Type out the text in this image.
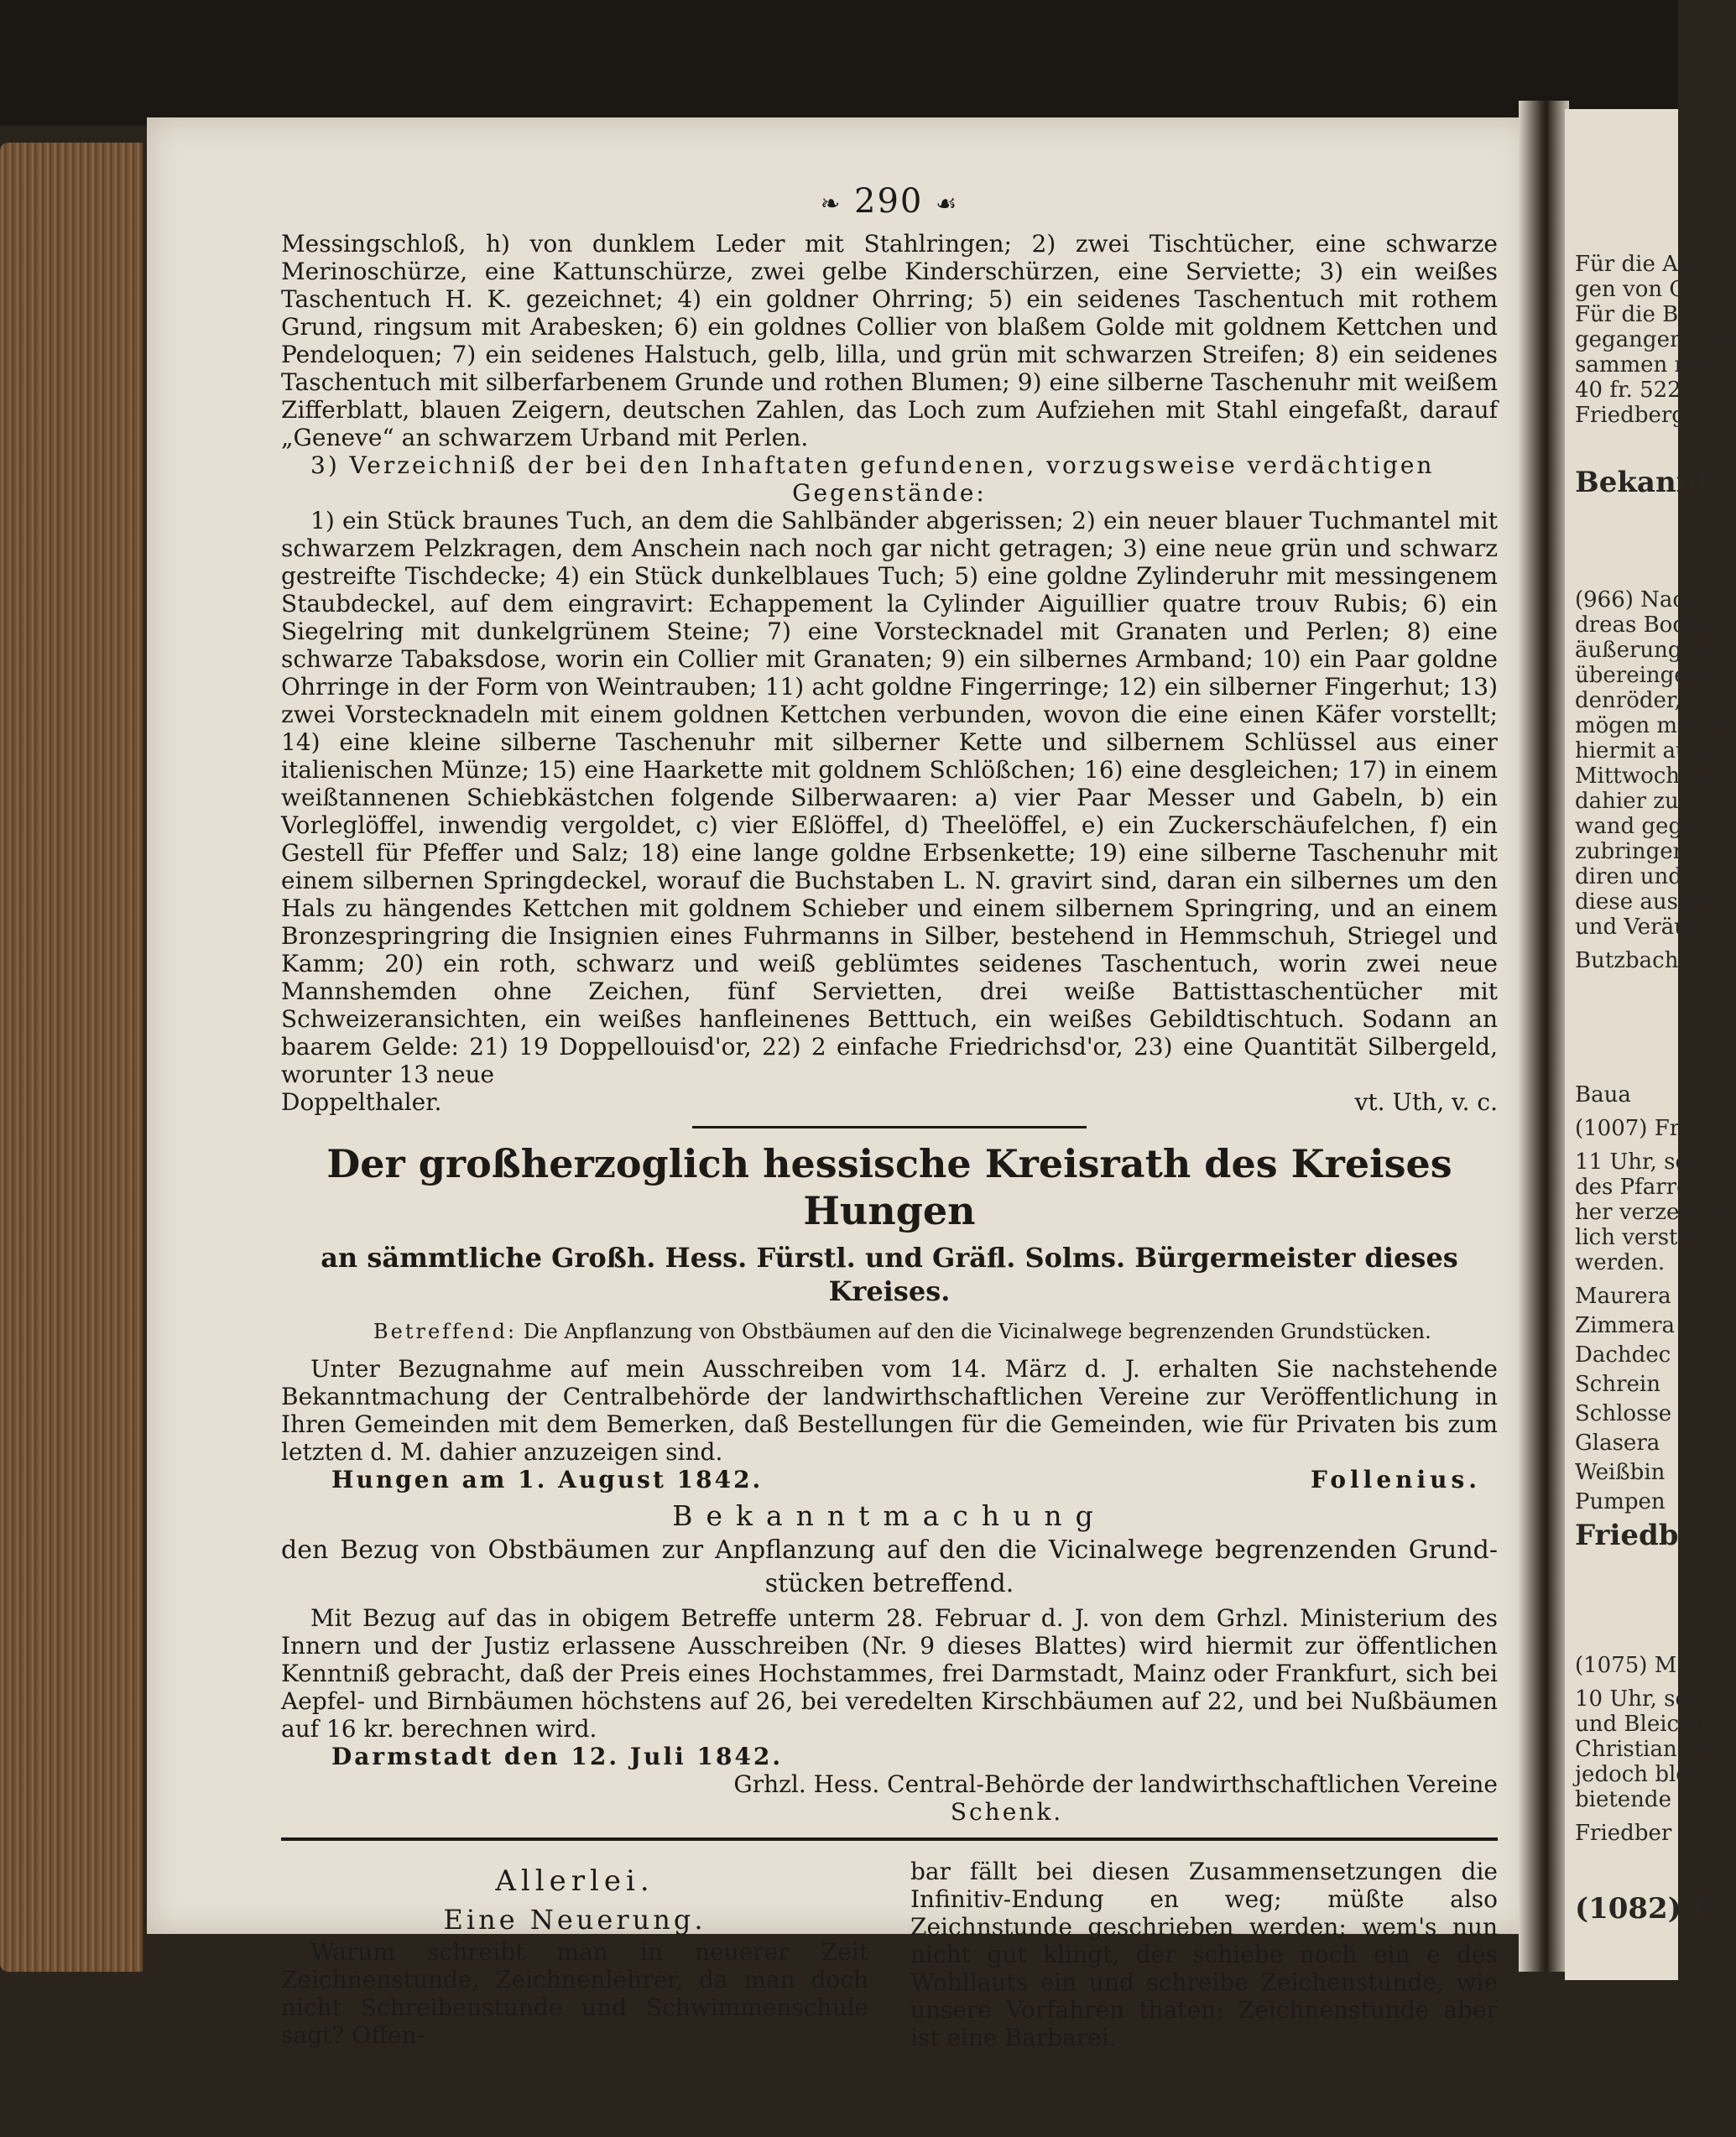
Für die Abg
gen von G. H
Für die Br
gegangen: aus
sammen mit
40 fr. 522 fl.
Friedberg
Bekannt
(966) Nach
dreas Boden
äußerung un
übereingekom
denröder, al
mögen mache
hiermit aufg
Mittwoch de
dahier zu er
wand gegen
zubringen, di
diren und
diese ausges
und Veräuß
Butzbach
Baua
(1007) Fr
11 Uhr, soll
des Pfarrgeb
her verzeichn
lich versteigt
werden.
Maurera
Zimmera
Dachdec
Schrein
Schlosse
Glasera
Weißbin
Pumpen
Friedb
(1075) M
10 Uhr, sol
und Bleichu
Christian Ha
jedoch blos
bietende vers
Friedber
(1082) F
❧ 290 ☙

Messingschloß, h) von dunklem Leder mit Stahlringen; 2) zwei Tischtücher, eine schwarze Merinoschürze, eine Kattunschürze, zwei gelbe Kinderschürzen, eine Serviette; 3) ein weißes Taschentuch H. K. gezeichnet; 4) ein goldner Ohrring; 5) ein seidenes Taschentuch mit rothem Grund, ringsum mit Arabesken; 6) ein goldnes Collier von blaßem Golde mit goldnem Kettchen und Pendeloquen; 7) ein seidenes Halstuch, gelb, lilla, und grün mit schwarzen Streifen; 8) ein seidenes Taschentuch mit silberfarbenem Grunde und rothen Blumen; 9) eine silberne Taschenuhr mit weißem Zifferblatt, blauen Zeigern, deutschen Zahlen, das Loch zum Aufziehen mit Stahl eingefaßt, darauf „Geneve“ an schwarzem Urband mit Perlen.

3) Verzeichniß der bei den Inhaftaten gefundenen, vorzugsweise verdächtigen

Gegenstände:

1) ein Stück braunes Tuch, an dem die Sahlbänder abgerissen; 2) ein neuer blauer Tuchmantel mit schwarzem Pelzkragen, dem Anschein nach noch gar nicht getragen; 3) eine neue grün und schwarz gestreifte Tischdecke; 4) ein Stück dunkelblaues Tuch; 5) eine goldne Zylinderuhr mit messingenem Staubdeckel, auf dem eingravirt: Echappement la Cylinder Aiguillier quatre trouv Rubis; 6) ein Siegelring mit dunkelgrünem Steine; 7) eine Vorstecknadel mit Granaten und Perlen; 8) eine schwarze Tabaksdose, worin ein Collier mit Granaten; 9) ein silbernes Armband; 10) ein Paar goldne Ohrringe in der Form von Weintrauben; 11) acht goldne Fingerringe; 12) ein silberner Fingerhut; 13) zwei Vorstecknadeln mit einem goldnen Kettchen verbunden, wovon die eine einen Käfer vorstellt; 14) eine kleine silberne Taschenuhr mit silberner Kette und silbernem Schlüssel aus einer italienischen Münze; 15) eine Haarkette mit goldnem Schlößchen; 16) eine desgleichen; 17) in einem weißtannenen Schiebkästchen folgende Silberwaaren: a) vier Paar Messer und Gabeln, b) ein Vorleglöffel, inwendig vergoldet, c) vier Eßlöffel, d) Theelöffel, e) ein Zuckerschäufelchen, f) ein Gestell für Pfeffer und Salz; 18) eine lange goldne Erbsenkette; 19) eine silberne Taschenuhr mit einem silbernen Springdeckel, worauf die Buchstaben L. N. gravirt sind, daran ein silbernes um den Hals zu hängendes Kettchen mit goldnem Schieber und einem silbernem Springring, und an einem Bronzespringring die Insignien eines Fuhrmanns in Silber, bestehend in Hemmschuh, Striegel und Kamm; 20) ein roth, schwarz und weiß geblümtes seidenes Taschentuch, worin zwei neue Mannshemden ohne Zeichen, fünf Servietten, drei weiße Battisttaschentücher mit Schweizeransichten, ein weißes hanfleinenes Betttuch, ein weißes Gebildtischtuch. Sodann an baarem Gelde: 21) 19 Doppellouisd'or, 22) 2 einfache Friedrichsd'or, 23) eine Quantität Silbergeld, worunter 13 neue

Doppelthaler.	vt. Uth, v. c.
Der großherzoglich hessische Kreisrath des Kreises Hungen
an sämmtliche Großh. Hess. Fürstl. und Gräfl. Solms. Bürgermeister dieses Kreises.
Betreffend: Die Anpflanzung von Obstbäumen auf den die Vicinalwege begrenzenden Grundstücken.

Unter Bezugnahme auf mein Ausschreiben vom 14. März d. J. erhalten Sie nachstehende Bekanntmachung der Centralbehörde der landwirthschaftlichen Vereine zur Veröffentlichung in Ihren Gemeinden mit dem Bemerken, daß Bestellungen für die Gemeinden, wie für Privaten bis zum letzten d. M. dahier anzuzeigen sind.

Hungen am 1. August 1842.	Follenius.
Bekanntmachung
den Bezug von Obstbäumen zur Anpflanzung auf den die Vicinalwege begrenzenden Grund-
stücken betreffend.

Mit Bezug auf das in obigem Betreffe unterm 28. Februar d. J. von dem Grhzl. Ministerium des Innern und der Justiz erlassene Ausschreiben (Nr. 9 dieses Blattes) wird hiermit zur öffentlichen Kenntniß gebracht, daß der Preis eines Hochstammes, frei Darmstadt, Mainz oder Frankfurt, sich bei Aepfel- und Birnbäumen höchstens auf 26, bei veredelten Kirschbäumen auf 22, und bei Nußbäumen auf 16 kr. berechnen wird.

Darmstadt den 12. Juli 1842.
Grhzl. Hess. Central-Behörde der landwirthschaftlichen Vereine
Schenk.
Allerlei.
Eine Neuerung.

Warum schreibt man in neuerer Zeit Zeichnenstunde, Zeichnenlehrer, da man doch nicht Schreibenstunde und Schwimmenschule sagt? Offen-

bar fällt bei diesen Zusammensetzungen die Infinitiv-Endung en weg; müßte also Zeichnstunde geschrieben werden; wem's nun nicht gut klingt, der schiebe noch ein e des Wohllauts ein und schreibe Zeichenstunde, wie unsere Vorfahren thaten; Zeichnenstunde aber ist eine Barbarei.
